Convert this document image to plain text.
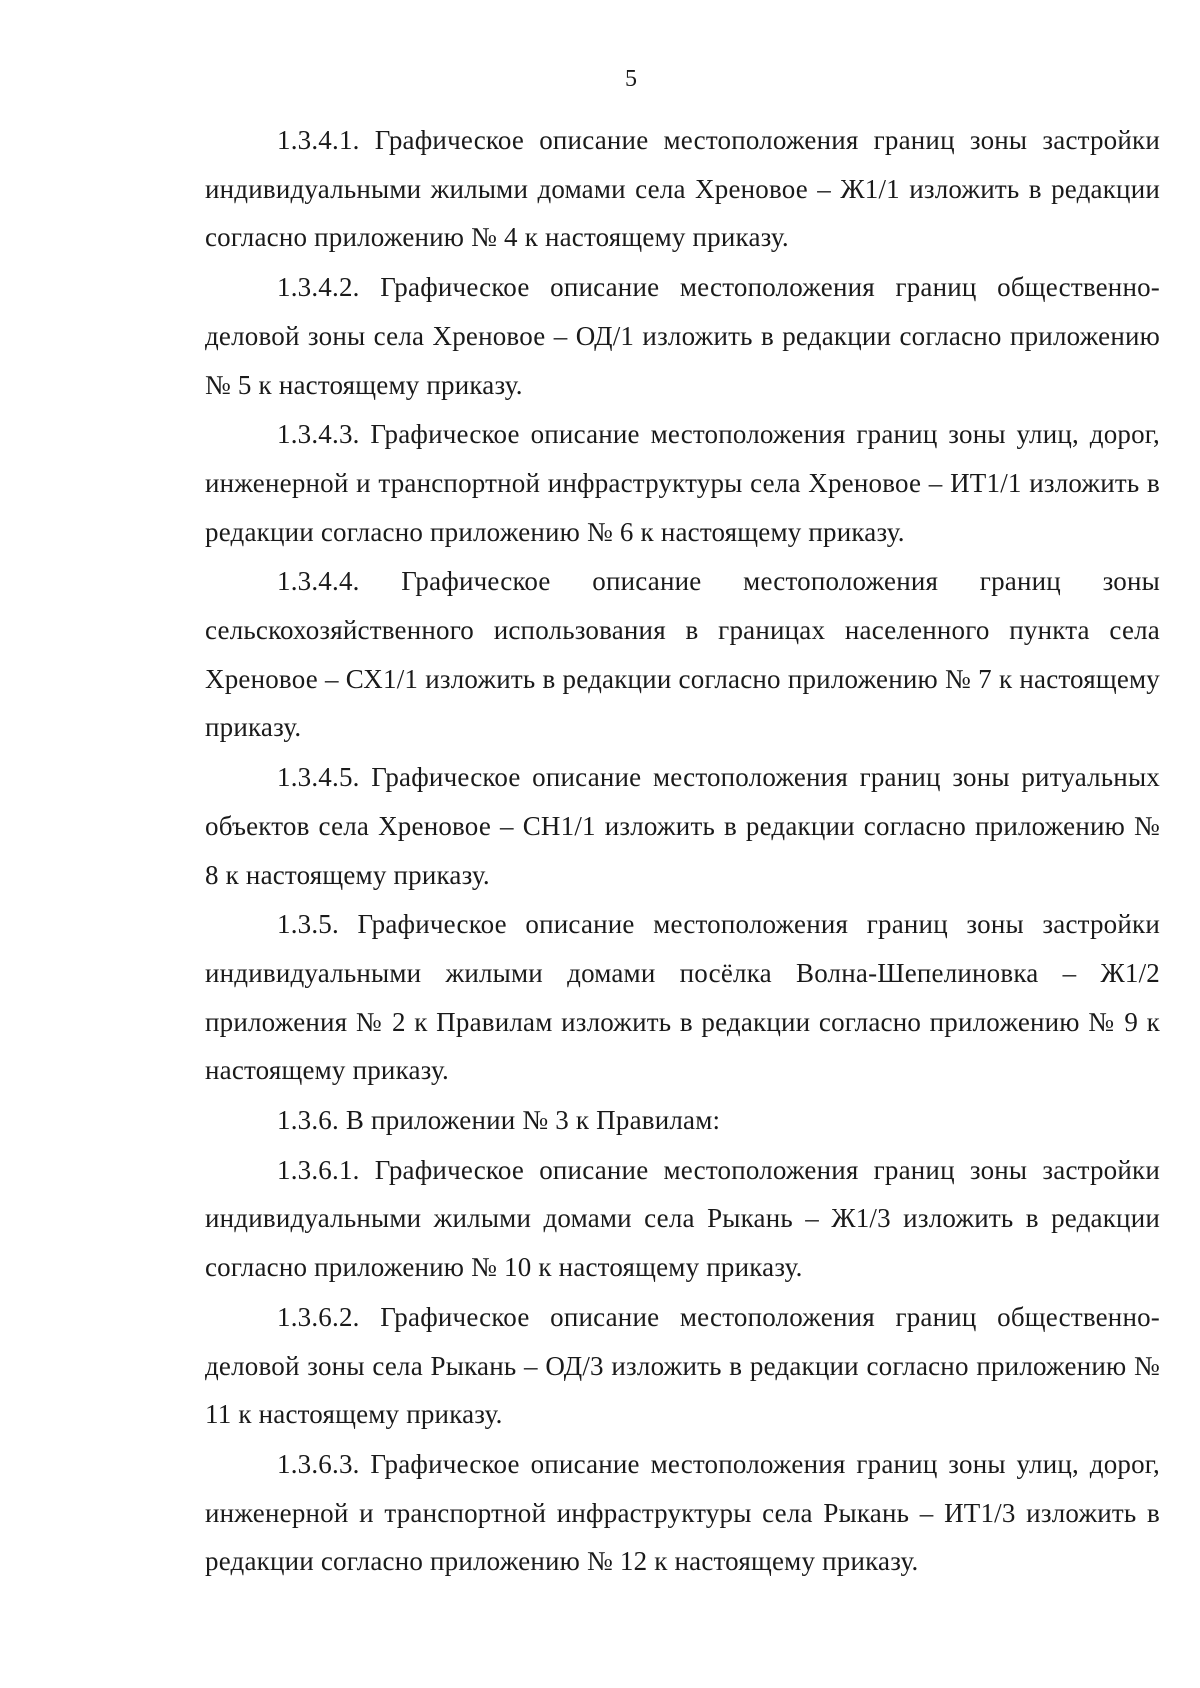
5

1.3.4.1. Графическое описание местоположения границ зоны застройки индивидуальными жилыми домами села Хреновое – Ж1/1 изложить в редакции согласно приложению № 4 к настоящему приказу.

1.3.4.2. Графическое описание местоположения границ общественно-деловой зоны села Хреновое – ОД/1 изложить в редакции согласно приложению № 5 к настоящему приказу.

1.3.4.3. Графическое описание местоположения границ зоны улиц, дорог, инженерной и транспортной инфраструктуры села Хреновое – ИТ1/1 изложить в редакции согласно приложению № 6 к настоящему приказу.

1.3.4.4. Графическое описание местоположения границ зоны сельскохозяйственного использования в границах населенного пункта села Хреновое – СХ1/1 изложить в редакции согласно приложению № 7 к настоящему приказу.

1.3.4.5. Графическое описание местоположения границ зоны ритуальных объектов села Хреновое – СН1/1 изложить в редакции согласно приложению № 8 к настоящему приказу.

1.3.5. Графическое описание местоположения границ зоны застройки индивидуальными жилыми домами посёлка Волна-Шепелиновка – Ж1/2 приложения № 2 к Правилам изложить в редакции согласно приложению № 9 к настоящему приказу.

1.3.6. В приложении № 3 к Правилам:

1.3.6.1. Графическое описание местоположения границ зоны застройки индивидуальными жилыми домами села Рыкань – Ж1/3 изложить в редакции согласно приложению № 10 к настоящему приказу.

1.3.6.2. Графическое описание местоположения границ общественно-деловой зоны села Рыкань – ОД/3 изложить в редакции согласно приложению № 11 к настоящему приказу.

1.3.6.3. Графическое описание местоположения границ зоны улиц, дорог, инженерной и транспортной инфраструктуры села Рыкань – ИТ1/3 изложить в редакции согласно приложению № 12 к настоящему приказу.
